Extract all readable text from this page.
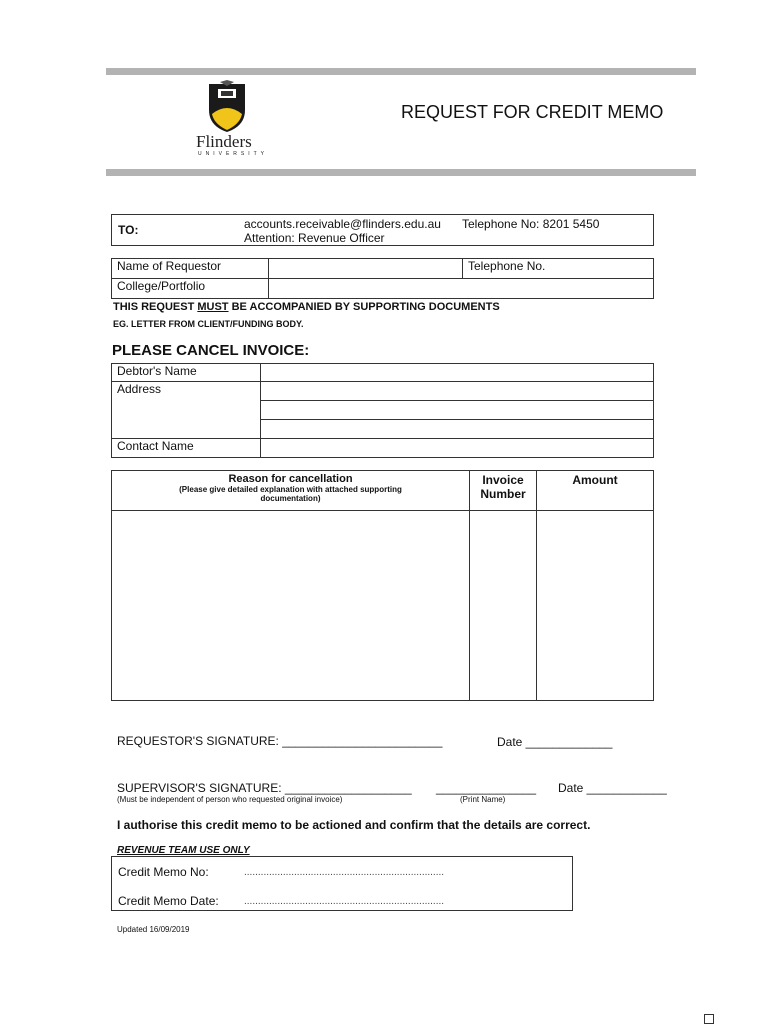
Flinders
UNIVERSITY
REQUEST FOR CREDIT MEMO
TO:	accounts.receivable@flinders.edu.au
Attention: Revenue Officer
Telephone No: 8201 5450
Name of Requestor		Telephone No.
College/Portfolio		
THIS REQUEST MUST BE ACCOMPANIED BY SUPPORTING DOCUMENTS
EG. LETTER FROM CLIENT/FUNDING BODY.
PLEASE CANCEL INVOICE:
Debtor's Name	
Address	

Contact Name	
Reason for cancellation
(Please give detailed explanation with attached supporting documentation)	Invoice Number	Amount

REQUESTOR'S SIGNATURE: ________________________	Date _____________
SUPERVISOR'S SIGNATURE: ___________________ _______________ Date ____________
(Must be independent of person who requested original invoice)	(Print Name)
I authorise this credit memo to be actioned and confirm that the details are correct.
REVENUE TEAM USE ONLY
Credit Memo No:	........................................................................
Credit Memo Date:	........................................................................
Updated 16/09/2019
